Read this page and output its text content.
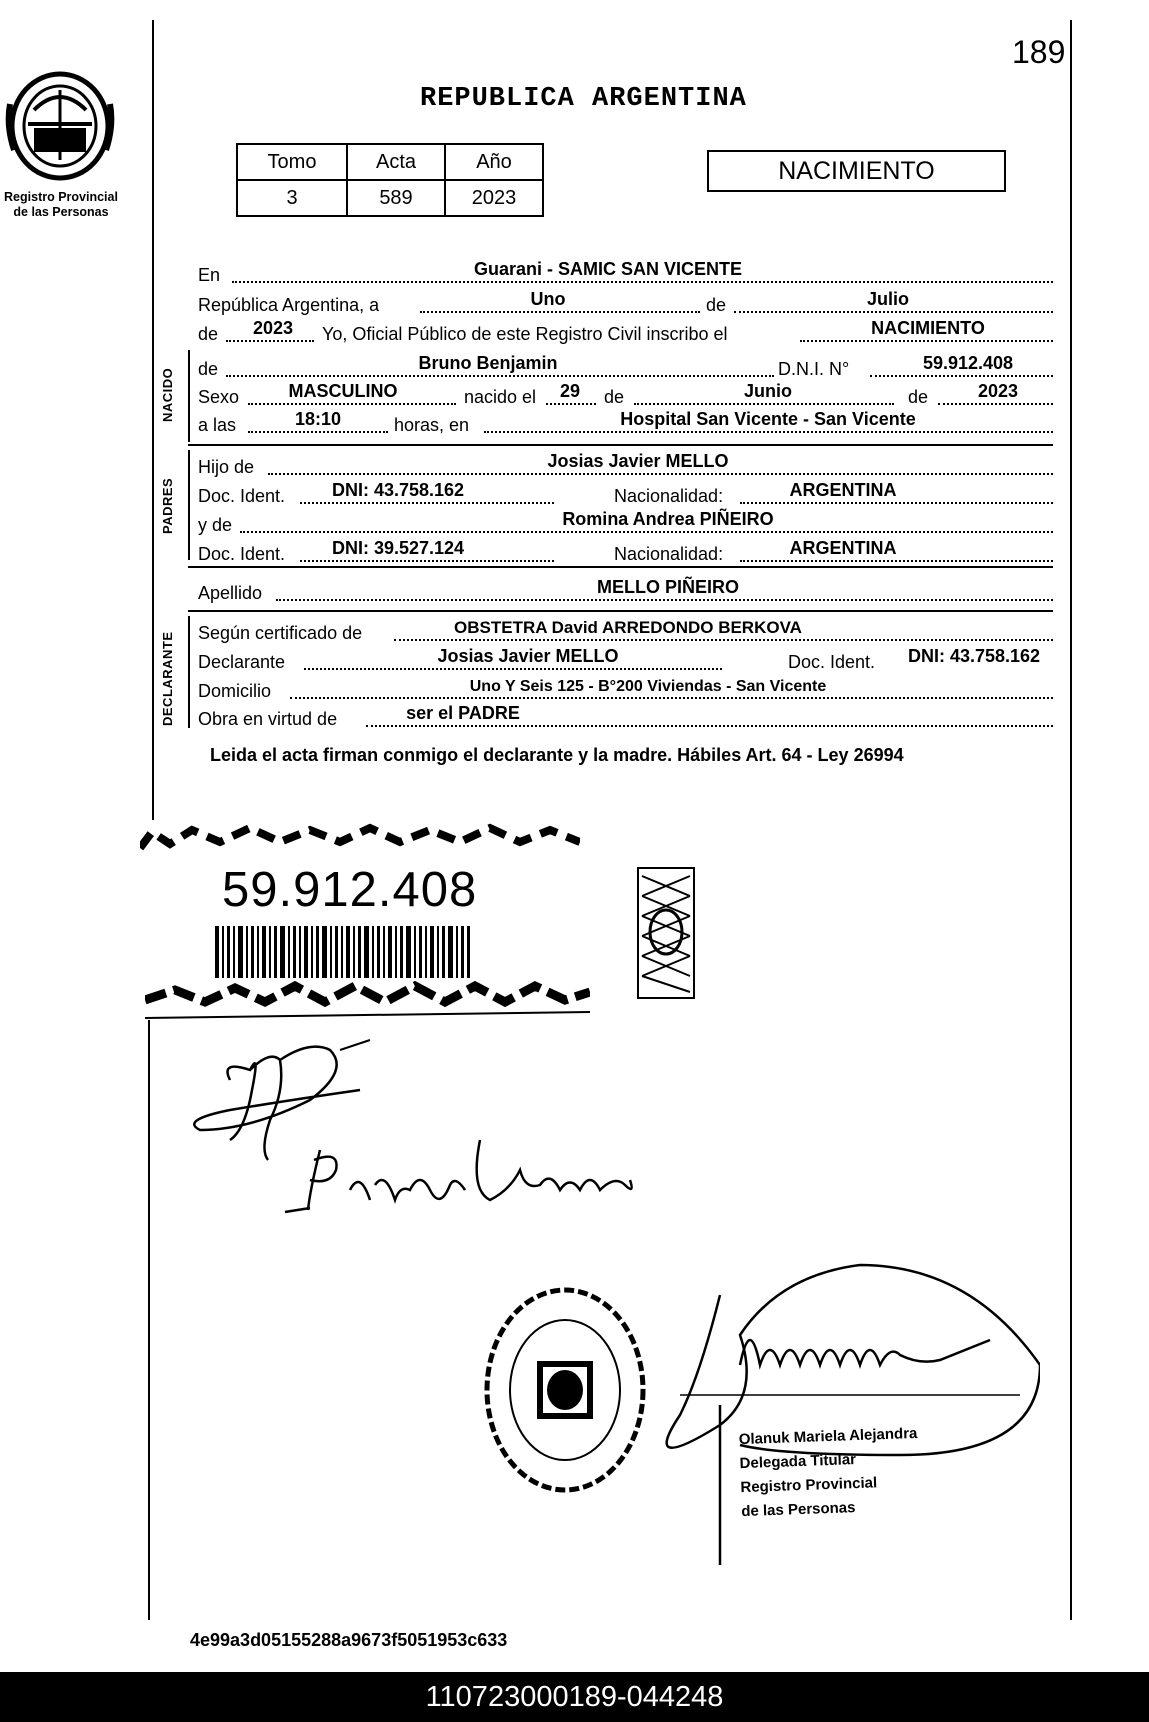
189
Registro Provincial
de las Personas
REPUBLICA ARGENTINA
Tomo	Acta	Año
3	589	2023
NACIMIENTO
En	Guarani - SAMIC SAN VICENTE
República Argentina, a	Uno	de	Julio
de	2023	Yo, Oficial Público de este Registro Civil inscribo el	NACIMIENTO
NACIDO de	Bruno Benjamin	D.N.I. N°	59.912.408
Sexo	MASCULINO	nacido el	29	de	Junio	de	2023
a las	18:10	horas, en	Hospital San Vicente - San Vicente
PADRES
Hijo de	Josias Javier MELLO
Doc. Ident.	DNI: 43.758.162	Nacionalidad:	ARGENTINA
y de	Romina Andrea PIÑEIRO
Doc. Ident.	DNI: 39.527.124	Nacionalidad:	ARGENTINA
Apellido	MELLO PIÑEIRO
DECLARANTE Según certificado de	OBSTETRA David ARREDONDO BERKOVA
Declarante	Josias Javier MELLO	Doc. Ident.	DNI: 43.758.162
Domicilio	Uno Y Seis 125 - B°200 Viviendas - San Vicente
Obra en virtud de	ser el PADRE
Leida el acta firman conmigo el declarante y la madre. Hábiles Art. 64 - Ley 26994
59.912.408
Olanuk Mariela Alejandra
Delegada Titular
Registro Provincial
de las Personas
4e99a3d05155288a9673f5051953c633
110723000189-044248
